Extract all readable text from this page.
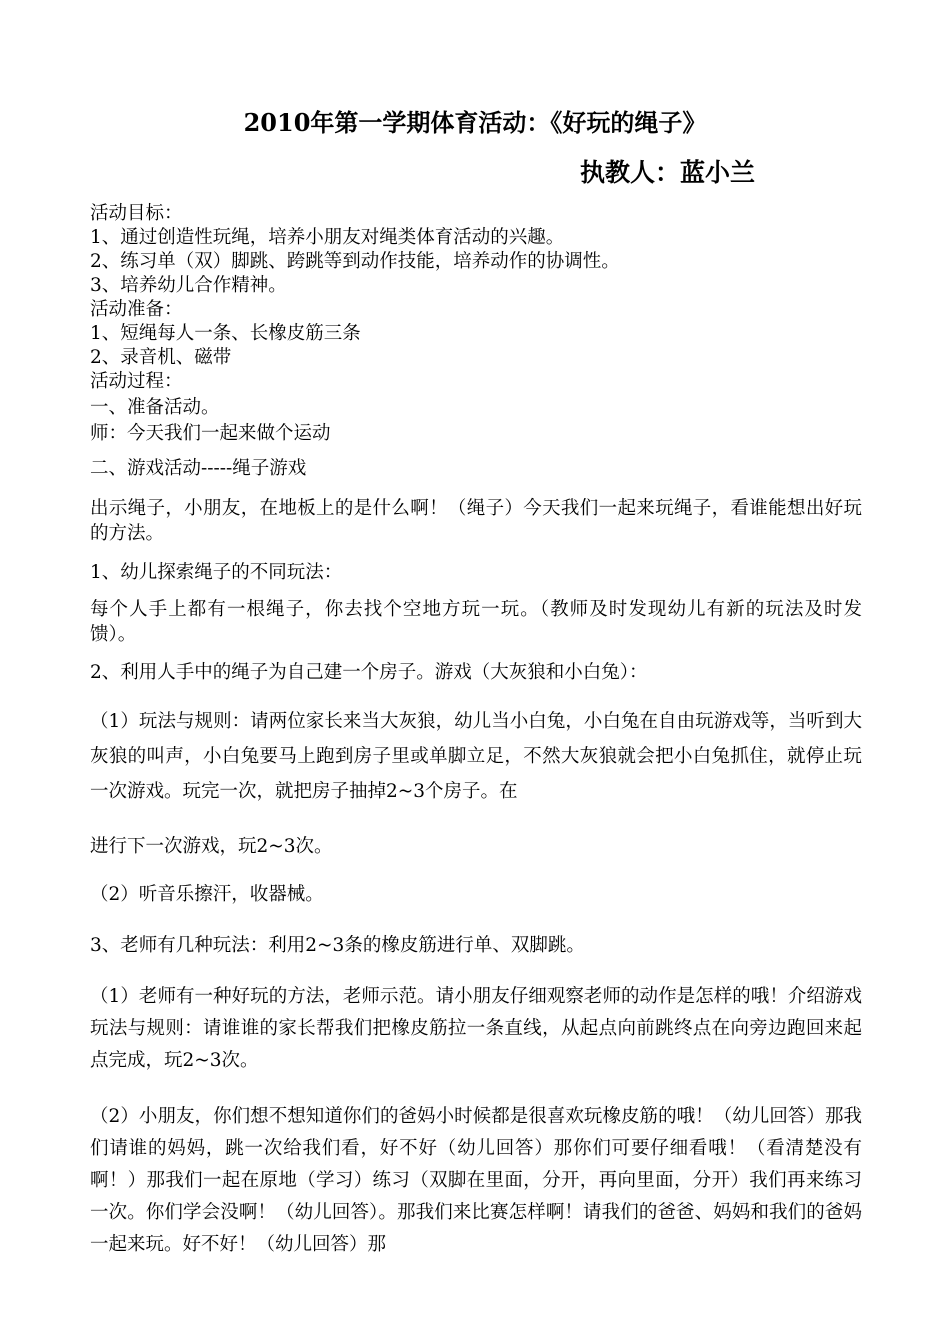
2010年第一学期体育活动：《好玩的绳子》
执教人：蓝小兰
活动目标：
1、通过创造性玩绳，培养小朋友对绳类体育活动的兴趣。
2、练习单（双）脚跳、跨跳等到动作技能，培养动作的协调性。
3、培养幼儿合作精神。
活动准备：
1、短绳每人一条、长橡皮筋三条
2、录音机、磁带
活动过程：
一、准备活动。
师：今天我们一起来做个运动
二、游戏活动-----绳子游戏
出示绳子，小朋友，在地板上的是什么啊！（绳子）今天我们一起来玩绳子，看谁能想出好玩的方法。
1、幼儿探索绳子的不同玩法：
每个人手上都有一根绳子，你去找个空地方玩一玩。（教师及时发现幼儿有新的玩法及时发馈）。
2、利用人手中的绳子为自己建一个房子。游戏（大灰狼和小白兔）：
（1）玩法与规则：请两位家长来当大灰狼，幼儿当小白兔，小白兔在自由玩游戏等，当听到大灰狼的叫声，小白兔要马上跑到房子里或单脚立足，不然大灰狼就会把小白兔抓住，就停止玩一次游戏。玩完一次，就把房子抽掉2~3个房子。在
进行下一次游戏，玩2~3次。
（2）听音乐擦汗，收器械。
3、老师有几种玩法：利用2~3条的橡皮筋进行单、双脚跳。
（1）老师有一种好玩的方法，老师示范。请小朋友仔细观察老师的动作是怎样的哦！介绍游戏玩法与规则：请谁谁的家长帮我们把橡皮筋拉一条直线，从起点向前跳终点在向旁边跑回来起点完成，玩2~3次。
（2）小朋友，你们想不想知道你们的爸妈小时候都是很喜欢玩橡皮筋的哦！（幼儿回答）那我们请谁的妈妈，跳一次给我们看，好不好（幼儿回答）那你们可要仔细看哦！（看清楚没有啊！）那我们一起在原地（学习）练习（双脚在里面，分开，再向里面，分开）我们再来练习一次。你们学会没啊！（幼儿回答）。那我们来比赛怎样啊！请我们的爸爸、妈妈和我们的爸妈一起来玩。好不好！（幼儿回答）那
